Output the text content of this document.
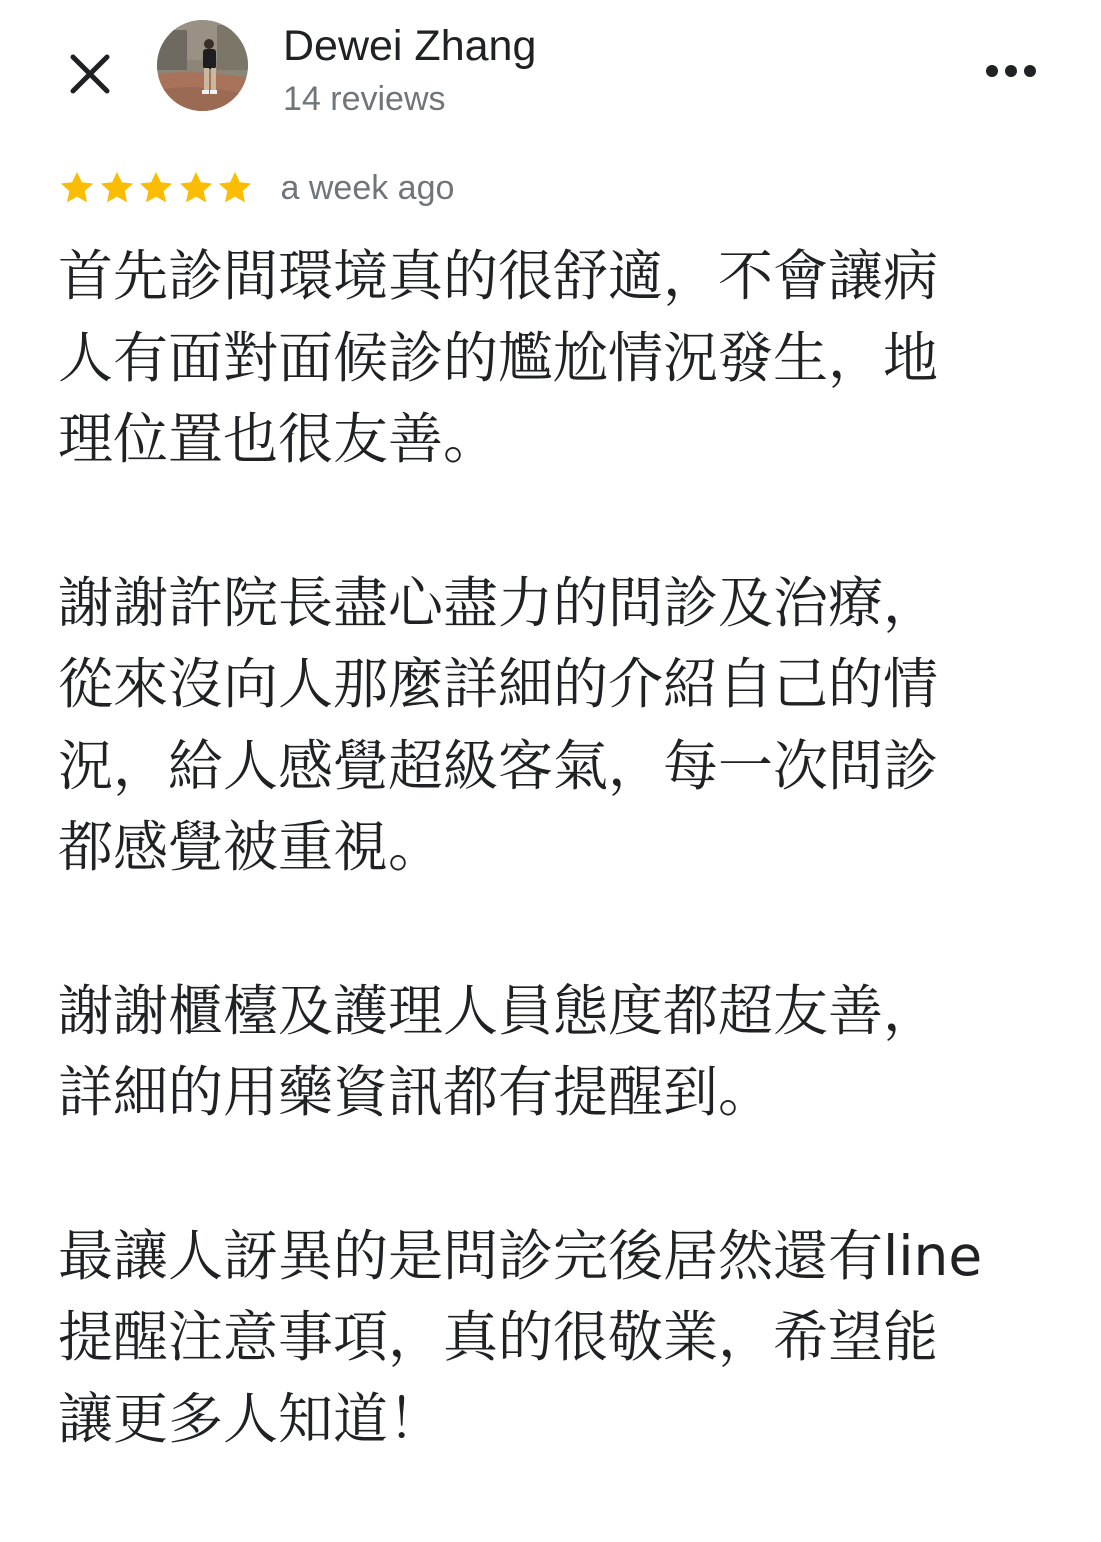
Dewei Zhang
14 reviews
a week ago

首先診間環境真的很舒適，不會讓病
人有面對面候診的尷尬情況發生，地
理位置也很友善。

謝謝許院長盡心盡力的問診及治療，
從來沒向人那麼詳細的介紹自己的情
況，給人感覺超級客氣，每一次問診
都感覺被重視。

謝謝櫃檯及護理人員態度都超友善，
詳細的用藥資訊都有提醒到。

最讓人訝異的是問診完後居然還有line
提醒注意事項，真的很敬業，希望能
讓更多人知道！
